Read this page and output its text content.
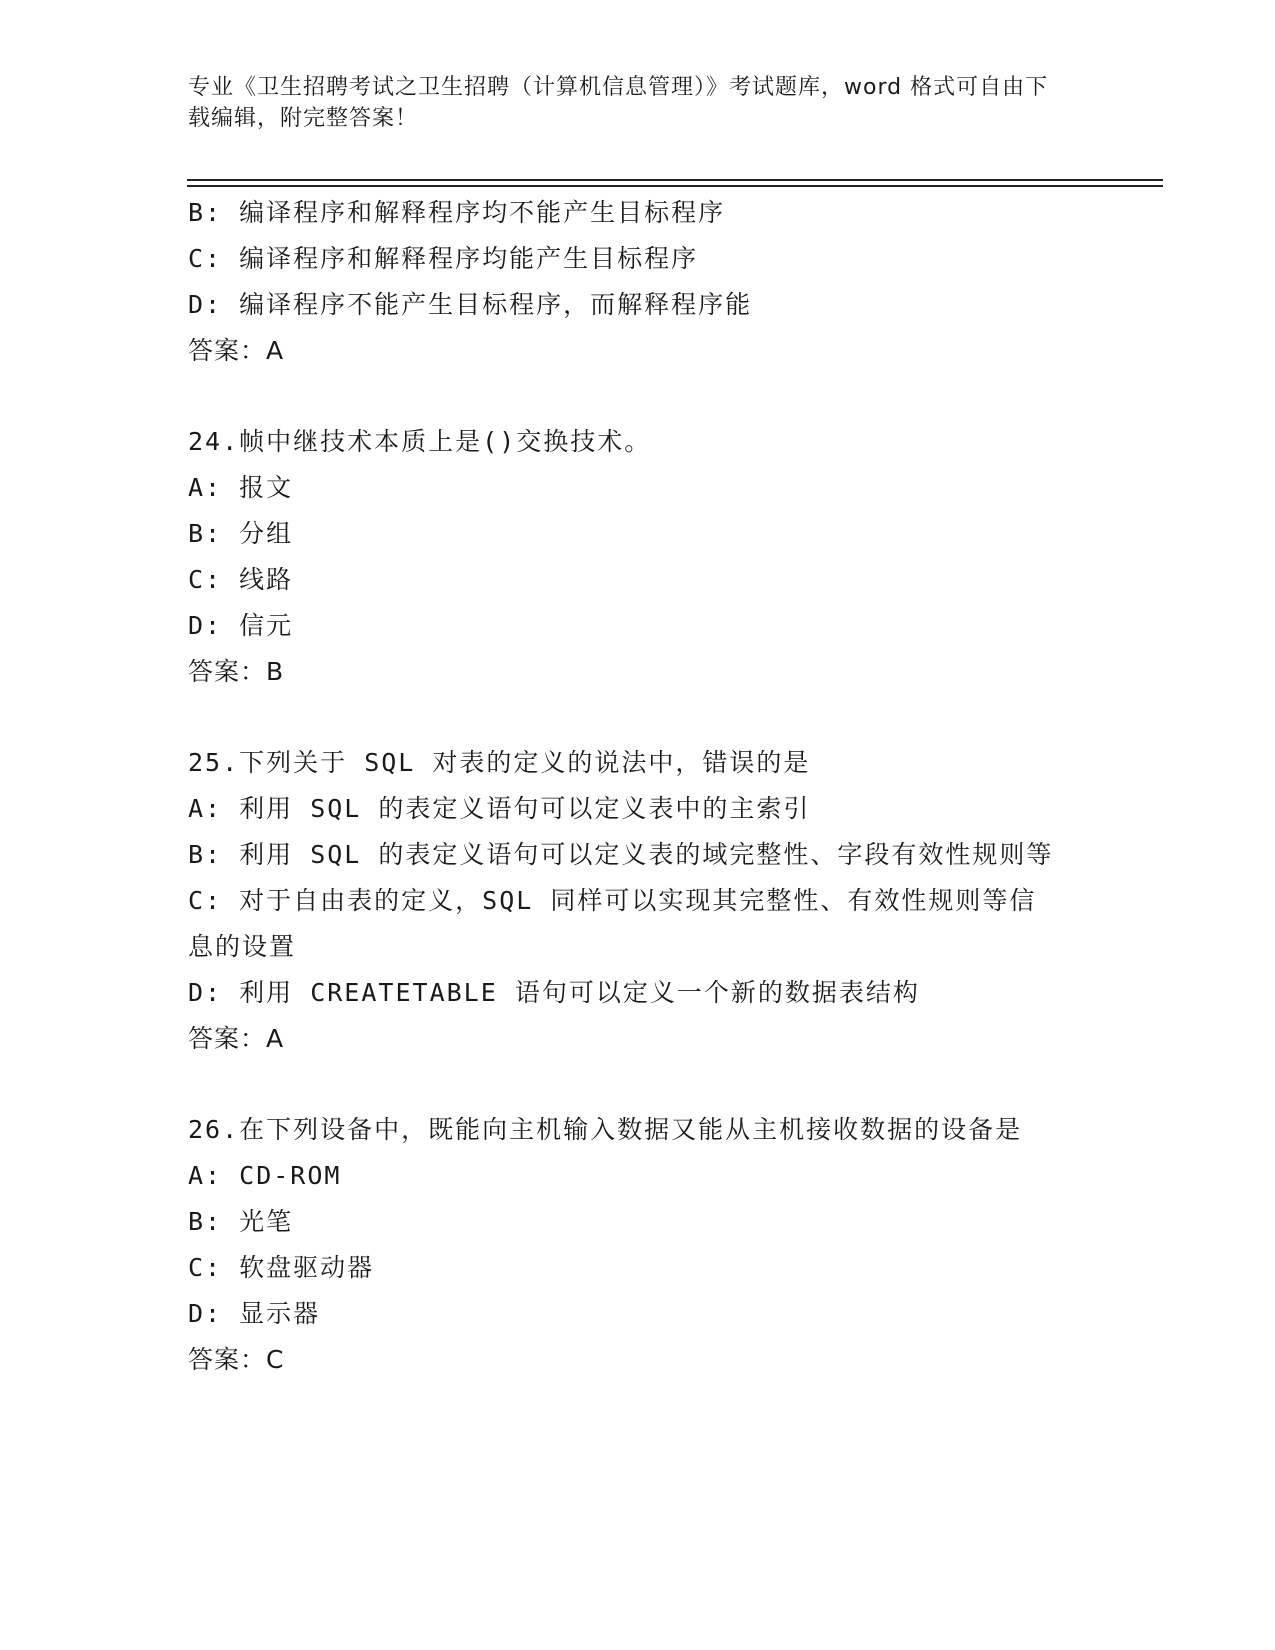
专业《卫生招聘考试之卫生招聘（计算机信息管理）》考试题库，word 格式可自由下载编辑，附完整答案！
B: 编译程序和解释程序均不能产生目标程序
C: 编译程序和解释程序均能产生目标程序
D: 编译程序不能产生目标程序，而解释程序能
答案：A
24.帧中继技术本质上是()交换技术。
A: 报文
B: 分组
C: 线路
D: 信元
答案：B
25.下列关于 SQL 对表的定义的说法中，错误的是
A: 利用 SQL 的表定义语句可以定义表中的主索引
B: 利用 SQL 的表定义语句可以定义表的域完整性、字段有效性规则等
C: 对于自由表的定义，SQL 同样可以实现其完整性、有效性规则等信息的设置
D: 利用 CREATETABLE 语句可以定义一个新的数据表结构
答案：A
26.在下列设备中，既能向主机输入数据又能从主机接收数据的设备是
A: CD-ROM
B: 光笔
C: 软盘驱动器
D: 显示器
答案：C
